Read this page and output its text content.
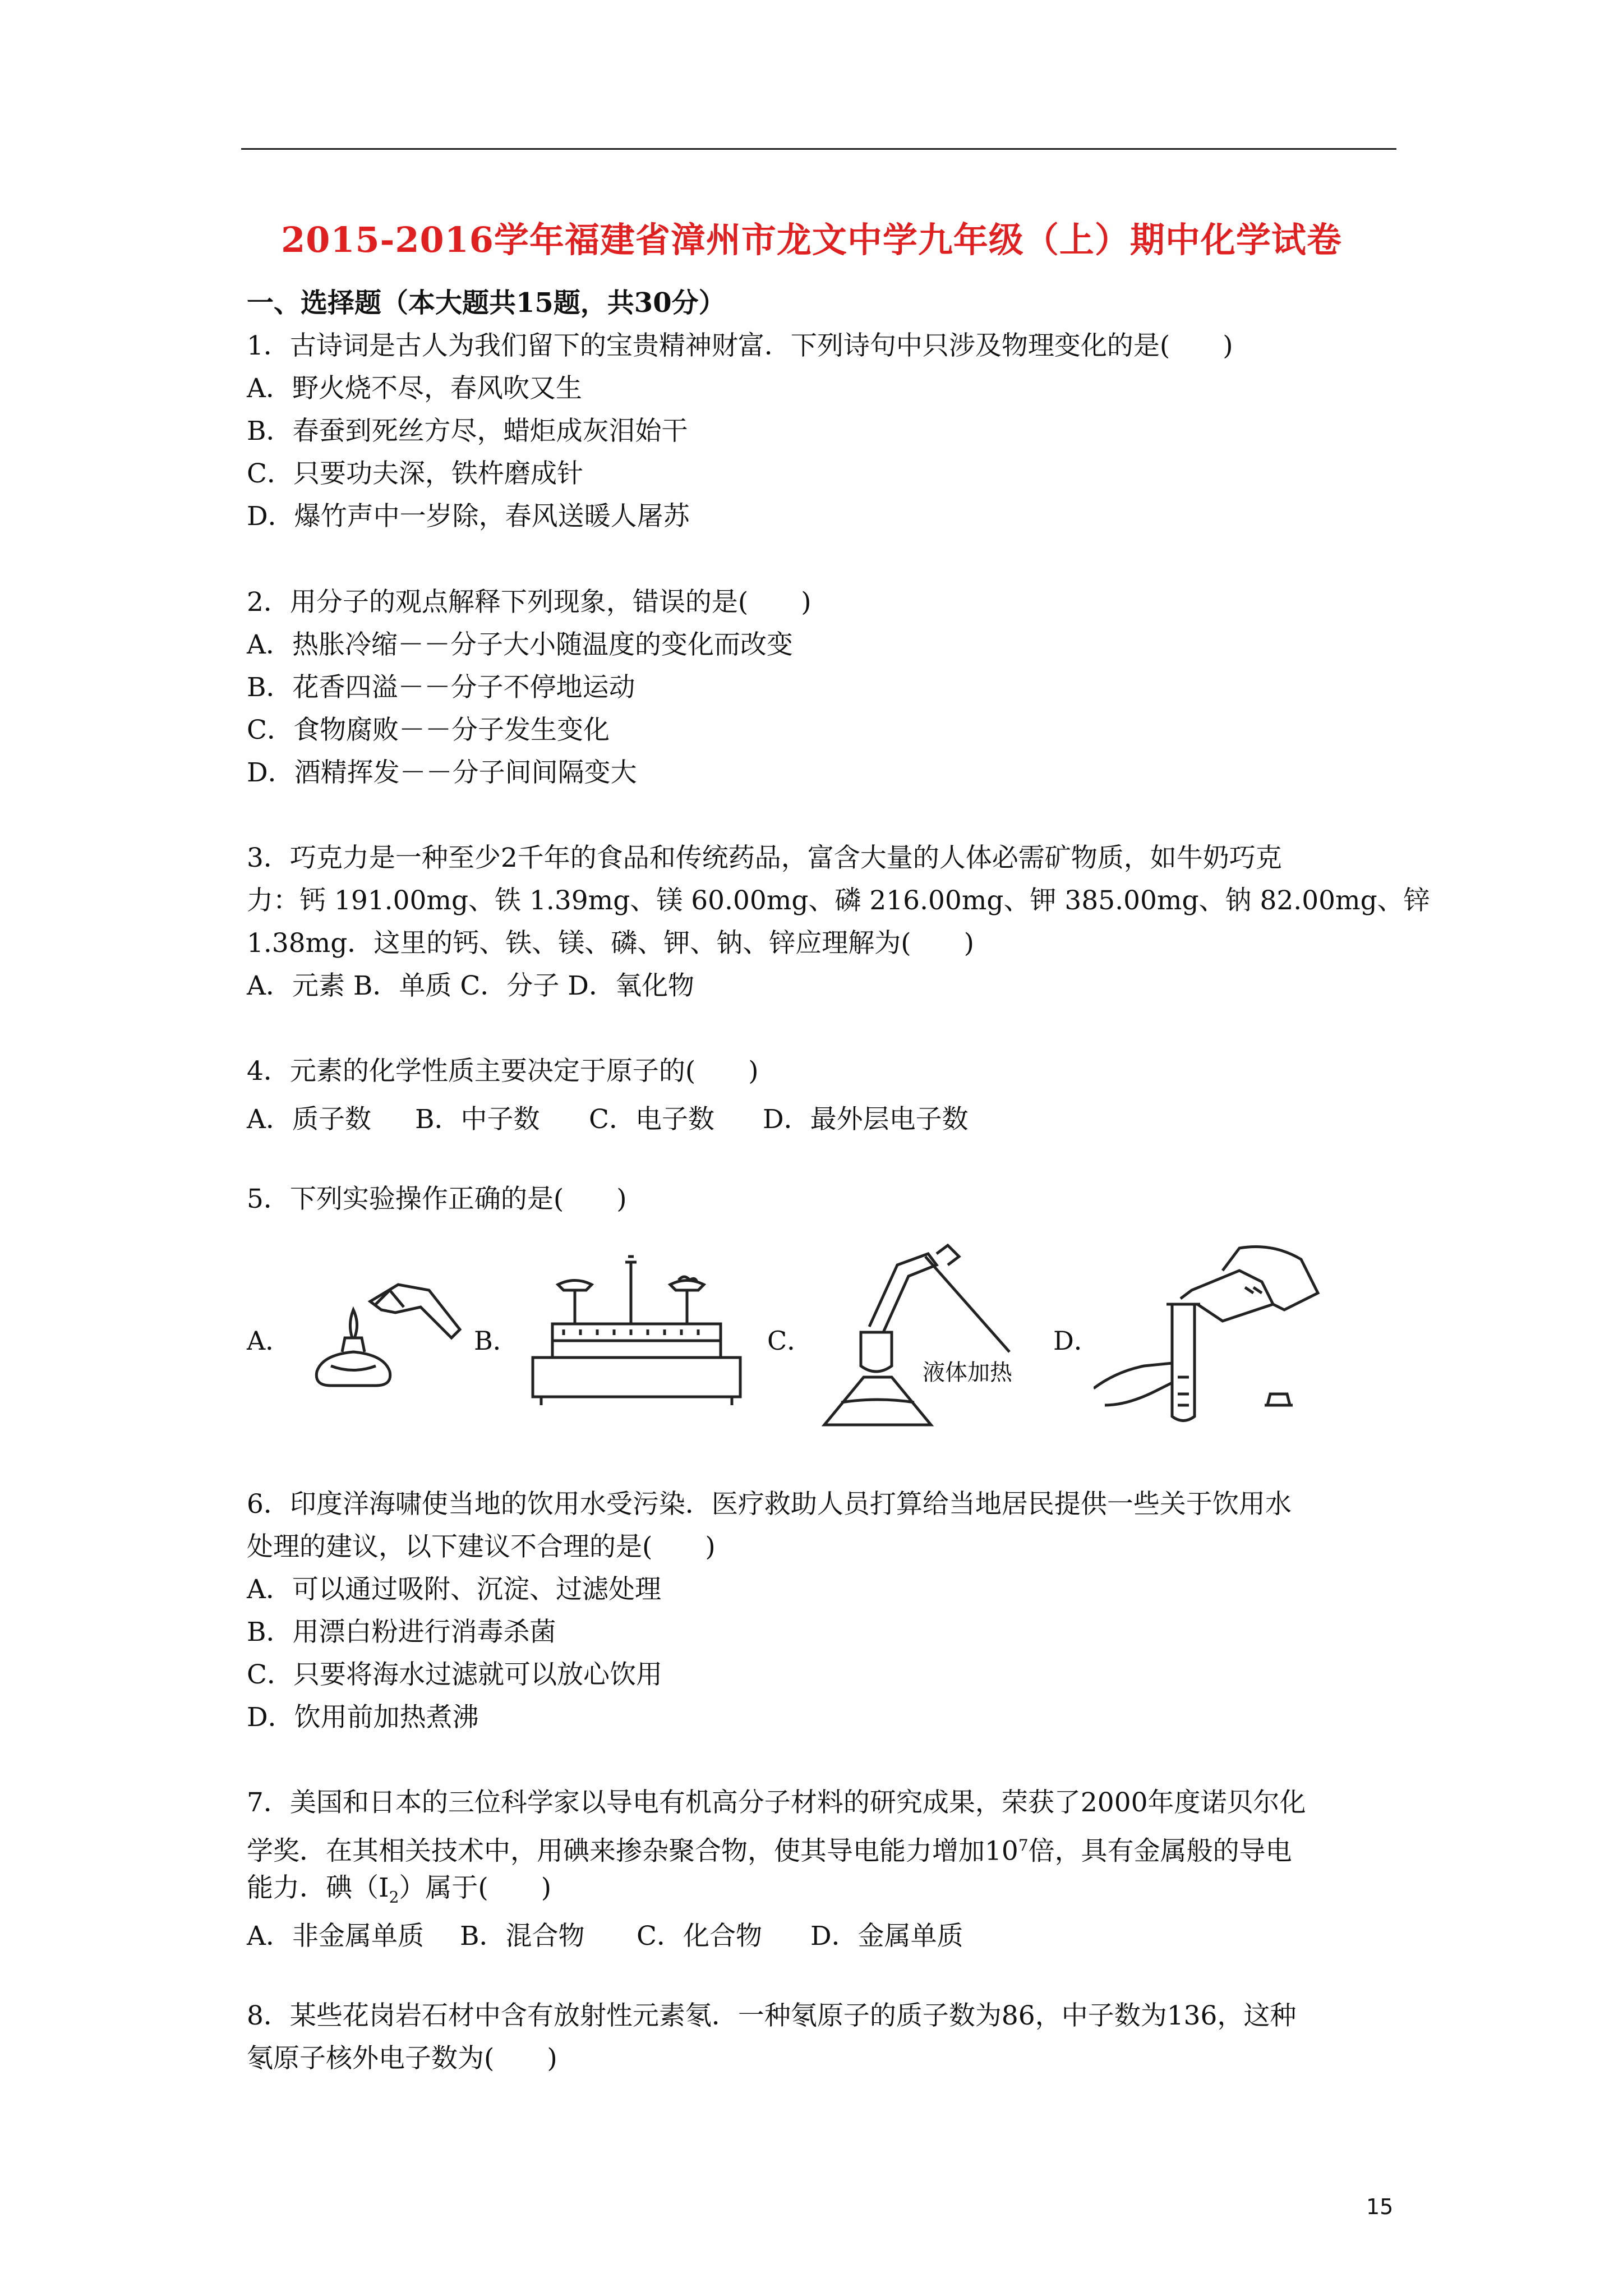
2015-2016学年福建省漳州市龙文中学九年级（上）期中化学试卷
一、选择题（本大题共15题，共30分）
1．古诗词是古人为我们留下的宝贵精神财富．下列诗句中只涉及物理变化的是(　　)
A．野火烧不尽，春风吹又生
B．春蚕到死丝方尽，蜡炬成灰泪始干
C．只要功夫深，铁杵磨成针
D．爆竹声中一岁除，春风送暖人屠苏
2．用分子的观点解释下列现象，错误的是(　　)
A．热胀冷缩－－分子大小随温度的变化而改变
B．花香四溢－－分子不停地运动
C．食物腐败－－分子发生变化
D．酒精挥发－－分子间间隔变大
3．巧克力是一种至少2千年的食品和传统药品，富含大量的人体必需矿物质，如牛奶巧克
力：钙 191.00mg、铁 1.39mg、镁 60.00mg、磷 216.00mg、钾 385.00mg、钠 82.00mg、锌
1.38mg．这里的钙、铁、镁、磷、钾、钠、锌应理解为(　　)
A．元素 B．单质 C．分子 D．氧化物
4．元素的化学性质主要决定于原子的(　　)
A．质子数 B．中子数 C．电子数 D．最外层电子数
5．下列实验操作正确的是(　　)
A．	B．	C．
液体加热
D．
6．印度洋海啸使当地的饮用水受污染．医疗救助人员打算给当地居民提供一些关于饮用水
处理的建议，以下建议不合理的是(　　)
A．可以通过吸附、沉淀、过滤处理
B．用漂白粉进行消毒杀菌
C．只要将海水过滤就可以放心饮用
D．饮用前加热煮沸
7．美国和日本的三位科学家以导电有机高分子材料的研究成果，荣获了2000年度诺贝尔化
学奖．在其相关技术中，用碘来掺杂聚合物，使其导电能力增加$10^7$倍，具有金属般的导电
能力．碘$(I_2)$属于(　　)
A．非金属单质 B．混合物 C．化合物 D．金属单质
8．某些花岗岩石材中含有放射性元素氡．一种氡原子的质子数为86，中子数为136，这种
氡原子核外电子数为(　　)
15
